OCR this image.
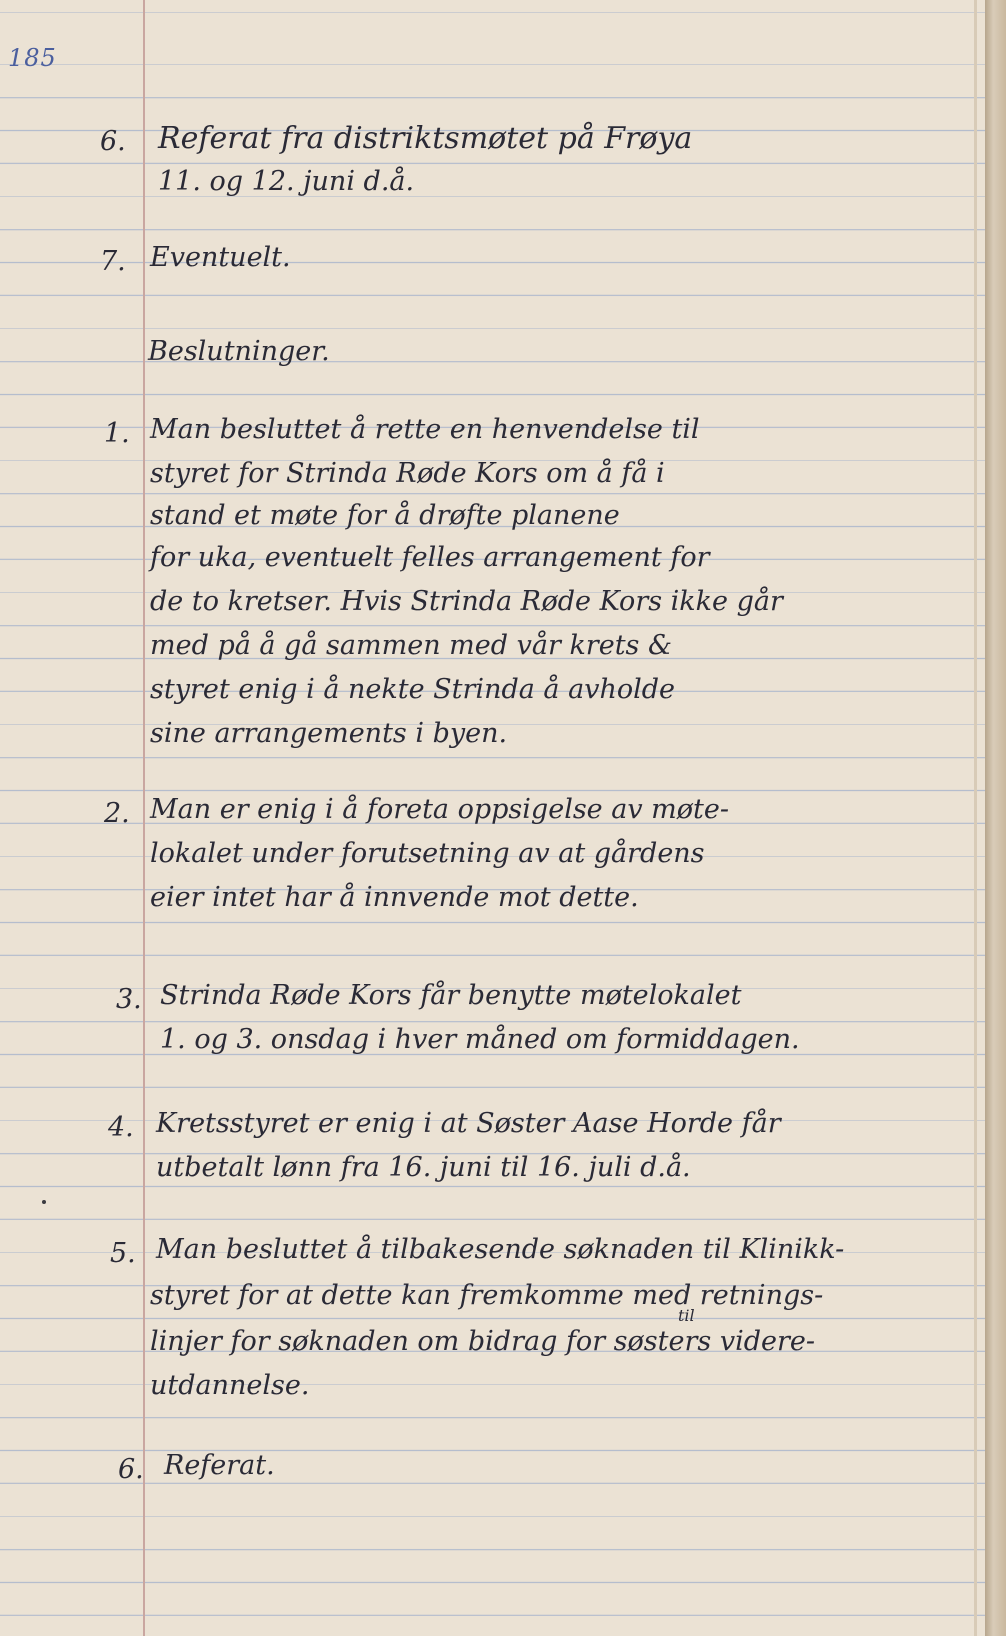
185
6. Referat fra distriktsmøtet på Frøya
11. og 12. juni d.å.
7. Eventuelt.
Beslutninger.
1. Man besluttet å rette en henvendelse til
styret for Strinda Røde Kors om å få i
stand et møte for å drøfte planene
for uka, eventuelt felles arrangement for
de to kretser. Hvis Strinda Røde Kors ikke går
med på å gå sammen med vår krets &
styret enig i å nekte Strinda å avholde
sine arrangements i byen.
2. Man er enig i å foreta oppsigelse av møte-
lokalet under forutsetning av at gårdens
eier intet har å innvende mot dette.
3. Strinda Røde Kors får benytte møtelokalet
1. og 3. onsdag i hver måned om formiddagen.
4. Kretsstyret er enig i at Søster Aase Horde får
utbetalt lønn fra 16. juni til 16. juli d.å.
5. Man besluttet å tilbakesende søknaden til Klinikk-
styret for at dette kan fremkomme med retnings-
til
linjer for søknaden om bidrag for søsters videre-
utdannelse.
6. Referat.
